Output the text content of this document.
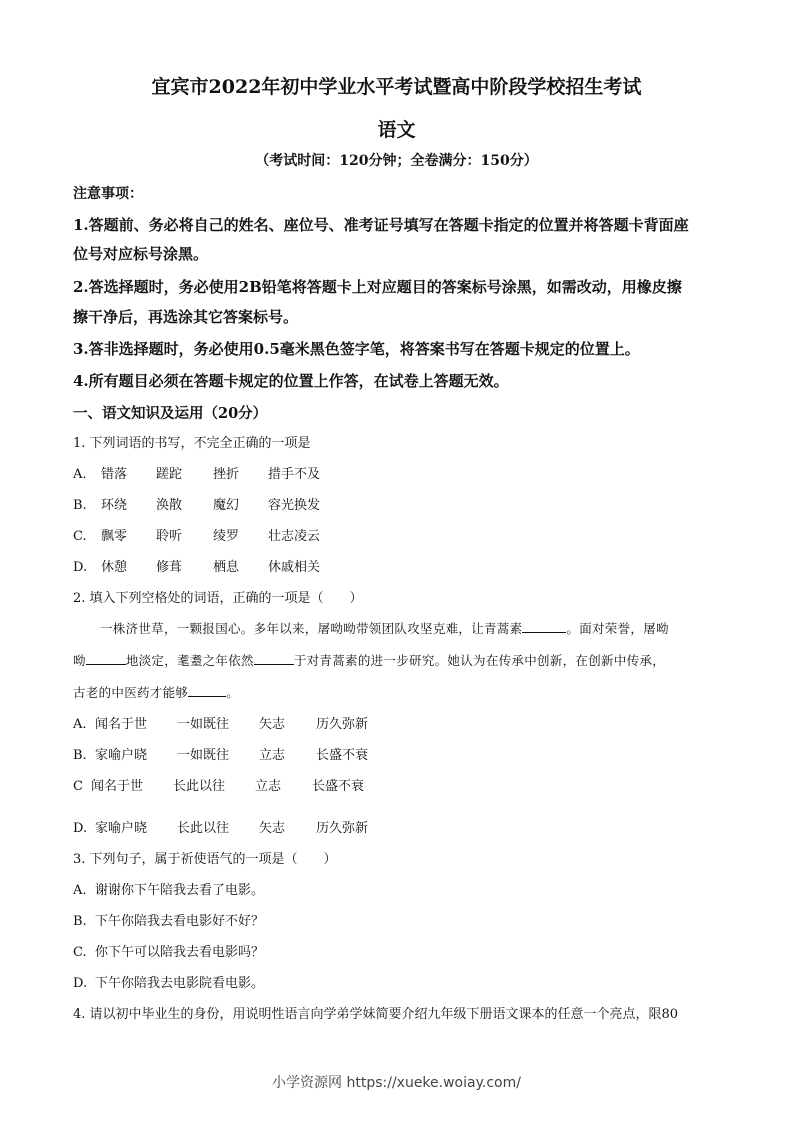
宜宾市2022年初中学业水平考试暨高中阶段学校招生考试
语文
（考试时间：120分钟；全卷满分：150分）
注意事项：
1.答题前、务必将自己的姓名、座位号、准考证号填写在答题卡指定的位置并将答题卡背面座
位号对应标号涂黑。
2.答选择题时，务必使用2B铅笔将答题卡上对应题目的答案标号涂黑，如需改动，用橡皮擦
擦干净后，再选涂其它答案标号。
3.答非选择题时，务必使用0.5毫米黑色签字笔，将答案书写在答题卡规定的位置上。
4.所有题目必须在答题卡规定的位置上作答，在试卷上答题无效。
一、语文知识及运用（20分）
1. 下列词语的书写，不完全正确的一项是
A. 错落 蹉跎 挫折 措手不及
B. 环绕 涣散 魔幻 容光换发
C. 飘零 聆听 绫罗 壮志凌云
D. 休憩 修葺 栖息 休戚相关
2. 填入下列空格处的词语，正确的一项是（　　）
一株济世草，一颗报国心。多年以来，屠呦呦带领团队攻坚克难，让青蒿素	。面对荣誉，屠呦
呦	地淡定，耄耋之年依然	于对青蒿素的进一步研究。她认为在传承中创新，在创新中传承，
古老的中医药才能够	。
A. 闻名于世 一如既往 矢志 历久弥新
B. 家喻户晓 一如既往 立志 长盛不衰
C 闻名于世 长此以往 立志 长盛不衰
D. 家喻户晓 长此以往 矢志 历久弥新
3. 下列句子，属于祈使语气的一项是（　　）
A. 谢谢你下午陪我去看了电影。
B. 下午你陪我去看电影好不好？
C. 你下午可以陪我去看电影吗？
D. 下午你陪我去电影院看电影。
4. 请以初中毕业生的身份，用说明性语言向学弟学妹简要介绍九年级下册语文课本的任意一个亮点，限80
小学资源网 https://xueke.woiay.com/
